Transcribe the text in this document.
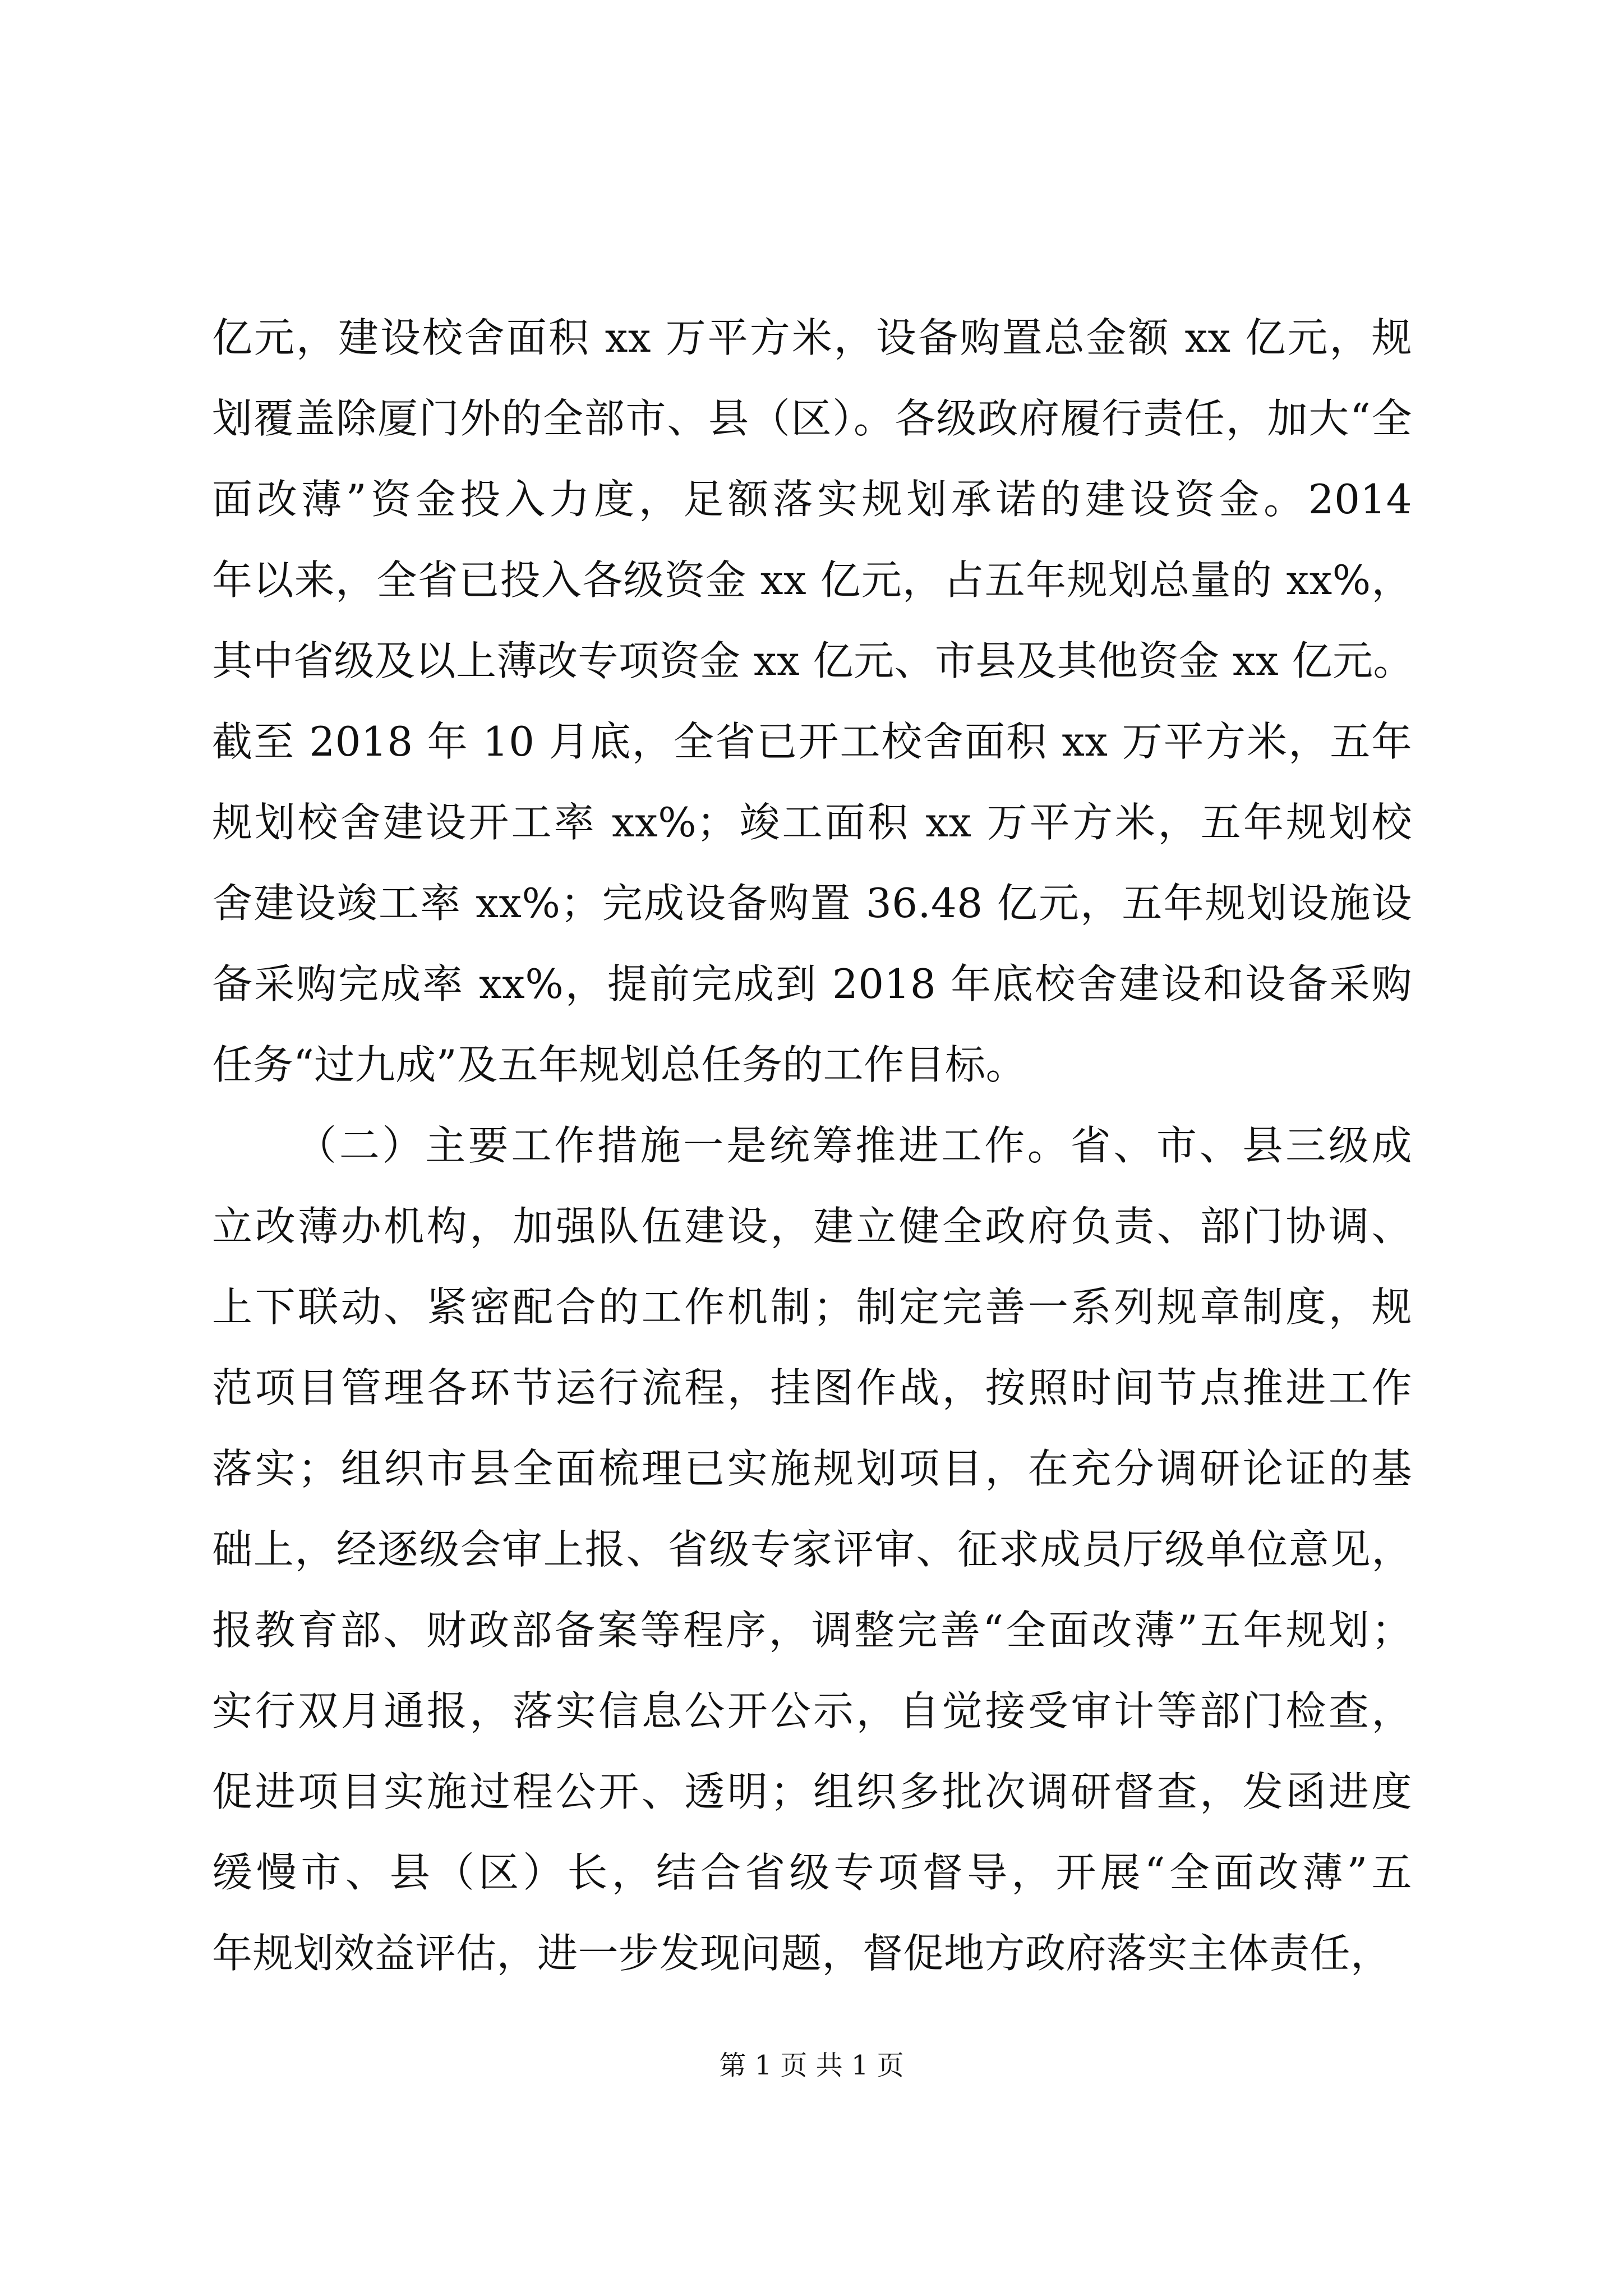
亿元，建设校舍面积 xx 万平方米，设备购置总金额 xx 亿元，规
划覆盖除厦门外的全部市、县（区）。各级政府履行责任，加大“全
面改薄”资金投入力度，足额落实规划承诺的建设资金。2014
年以来，全省已投入各级资金 xx 亿元，占五年规划总量的 xx%，
其中省级及以上薄改专项资金 xx 亿元、市县及其他资金 xx 亿元。
截至 2018 年 10 月底，全省已开工校舍面积 xx 万平方米，五年
规划校舍建设开工率 xx%；竣工面积 xx 万平方米，五年规划校
舍建设竣工率 xx%；完成设备购置 36.48 亿元，五年规划设施设
备采购完成率 xx%，提前完成到 2018 年底校舍建设和设备采购
任务“过九成”及五年规划总任务的工作目标。
（二）主要工作措施一是统筹推进工作。省、市、县三级成
立改薄办机构，加强队伍建设，建立健全政府负责、部门协调、
上下联动、紧密配合的工作机制；制定完善一系列规章制度，规
范项目管理各环节运行流程，挂图作战，按照时间节点推进工作
落实；组织市县全面梳理已实施规划项目，在充分调研论证的基
础上，经逐级会审上报、省级专家评审、征求成员厅级单位意见，
报教育部、财政部备案等程序，调整完善“全面改薄”五年规划；
实行双月通报，落实信息公开公示，自觉接受审计等部门检查，
促进项目实施过程公开、透明；组织多批次调研督查，发函进度
缓慢市、县（区）长，结合省级专项督导，开展“全面改薄”五
年规划效益评估，进一步发现问题，督促地方政府落实主体责任，
第 1 页 共 1 页
